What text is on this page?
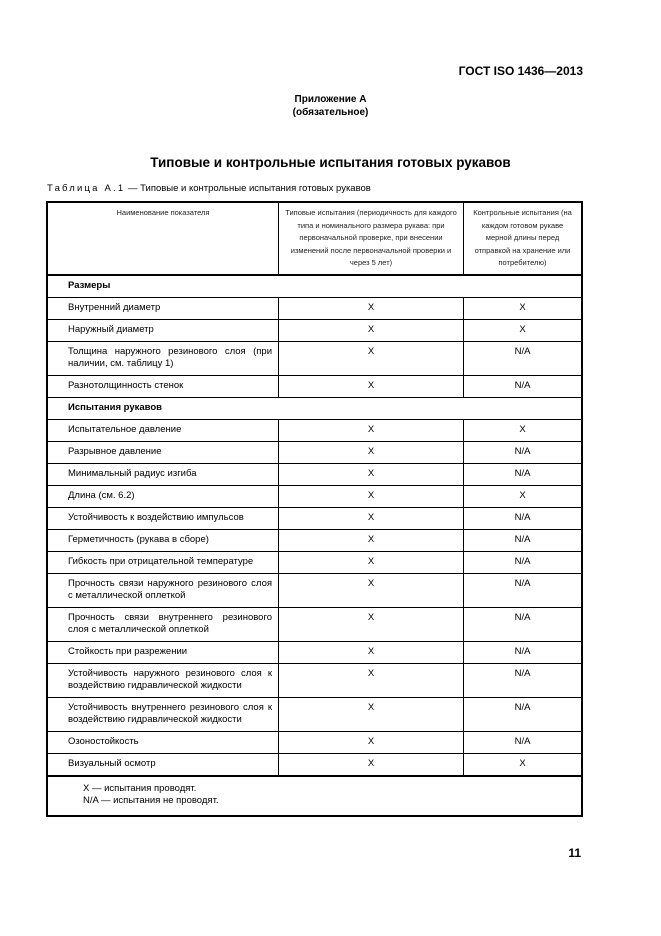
ГОСТ ISO 1436—2013
Приложение А
(обязательное)
Типовые и контрольные испытания готовых рукавов
Таблица А.1 — Типовые и контрольные испытания готовых рукавов
Наименование показателя	Типовые испытания (периодичность для каждого типа и номинального размера рукава: при первоначальной проверке, при внесении изменений после первоначальной проверки и через 5 лет)	Контрольные испытания (на каждом готовом рукаве мерной длины перед отправкой на хранение или потребителю)
Размеры		
Внутренний диаметр	X	X
Наружный диаметр	X	X
Толщина наружного резинового слоя (при наличии, см. таблицу 1)	X	N/A
Разнотолщинность стенок	X	N/A
Испытания рукавов		
Испытательное давление	X	X
Разрывное давление	X	N/A
Минимальный радиус изгиба	X	N/A
Длина (см. 6.2)	X	X
Устойчивость к воздействию импульсов	X	N/A
Герметичность (рукава в сборе)	X	N/A
Гибкость при отрицательной температуре	X	N/A
Прочность связи наружного резинового слоя с металлической оплеткой	X	N/A
Прочность связи внутреннего резинового слоя с металлической оплеткой	X	N/A
Стойкость при разрежении	X	N/A
Устойчивость наружного резинового слоя к воздействию гидравлической жидкости	X	N/A
Устойчивость внутреннего резинового слоя к воздействию гидравлической жидкости	X	N/A
Озоностойкость	X	N/A
Визуальный осмотр	X	X

X — испытания проводят.
N/A — испытания не проводят.		
11
